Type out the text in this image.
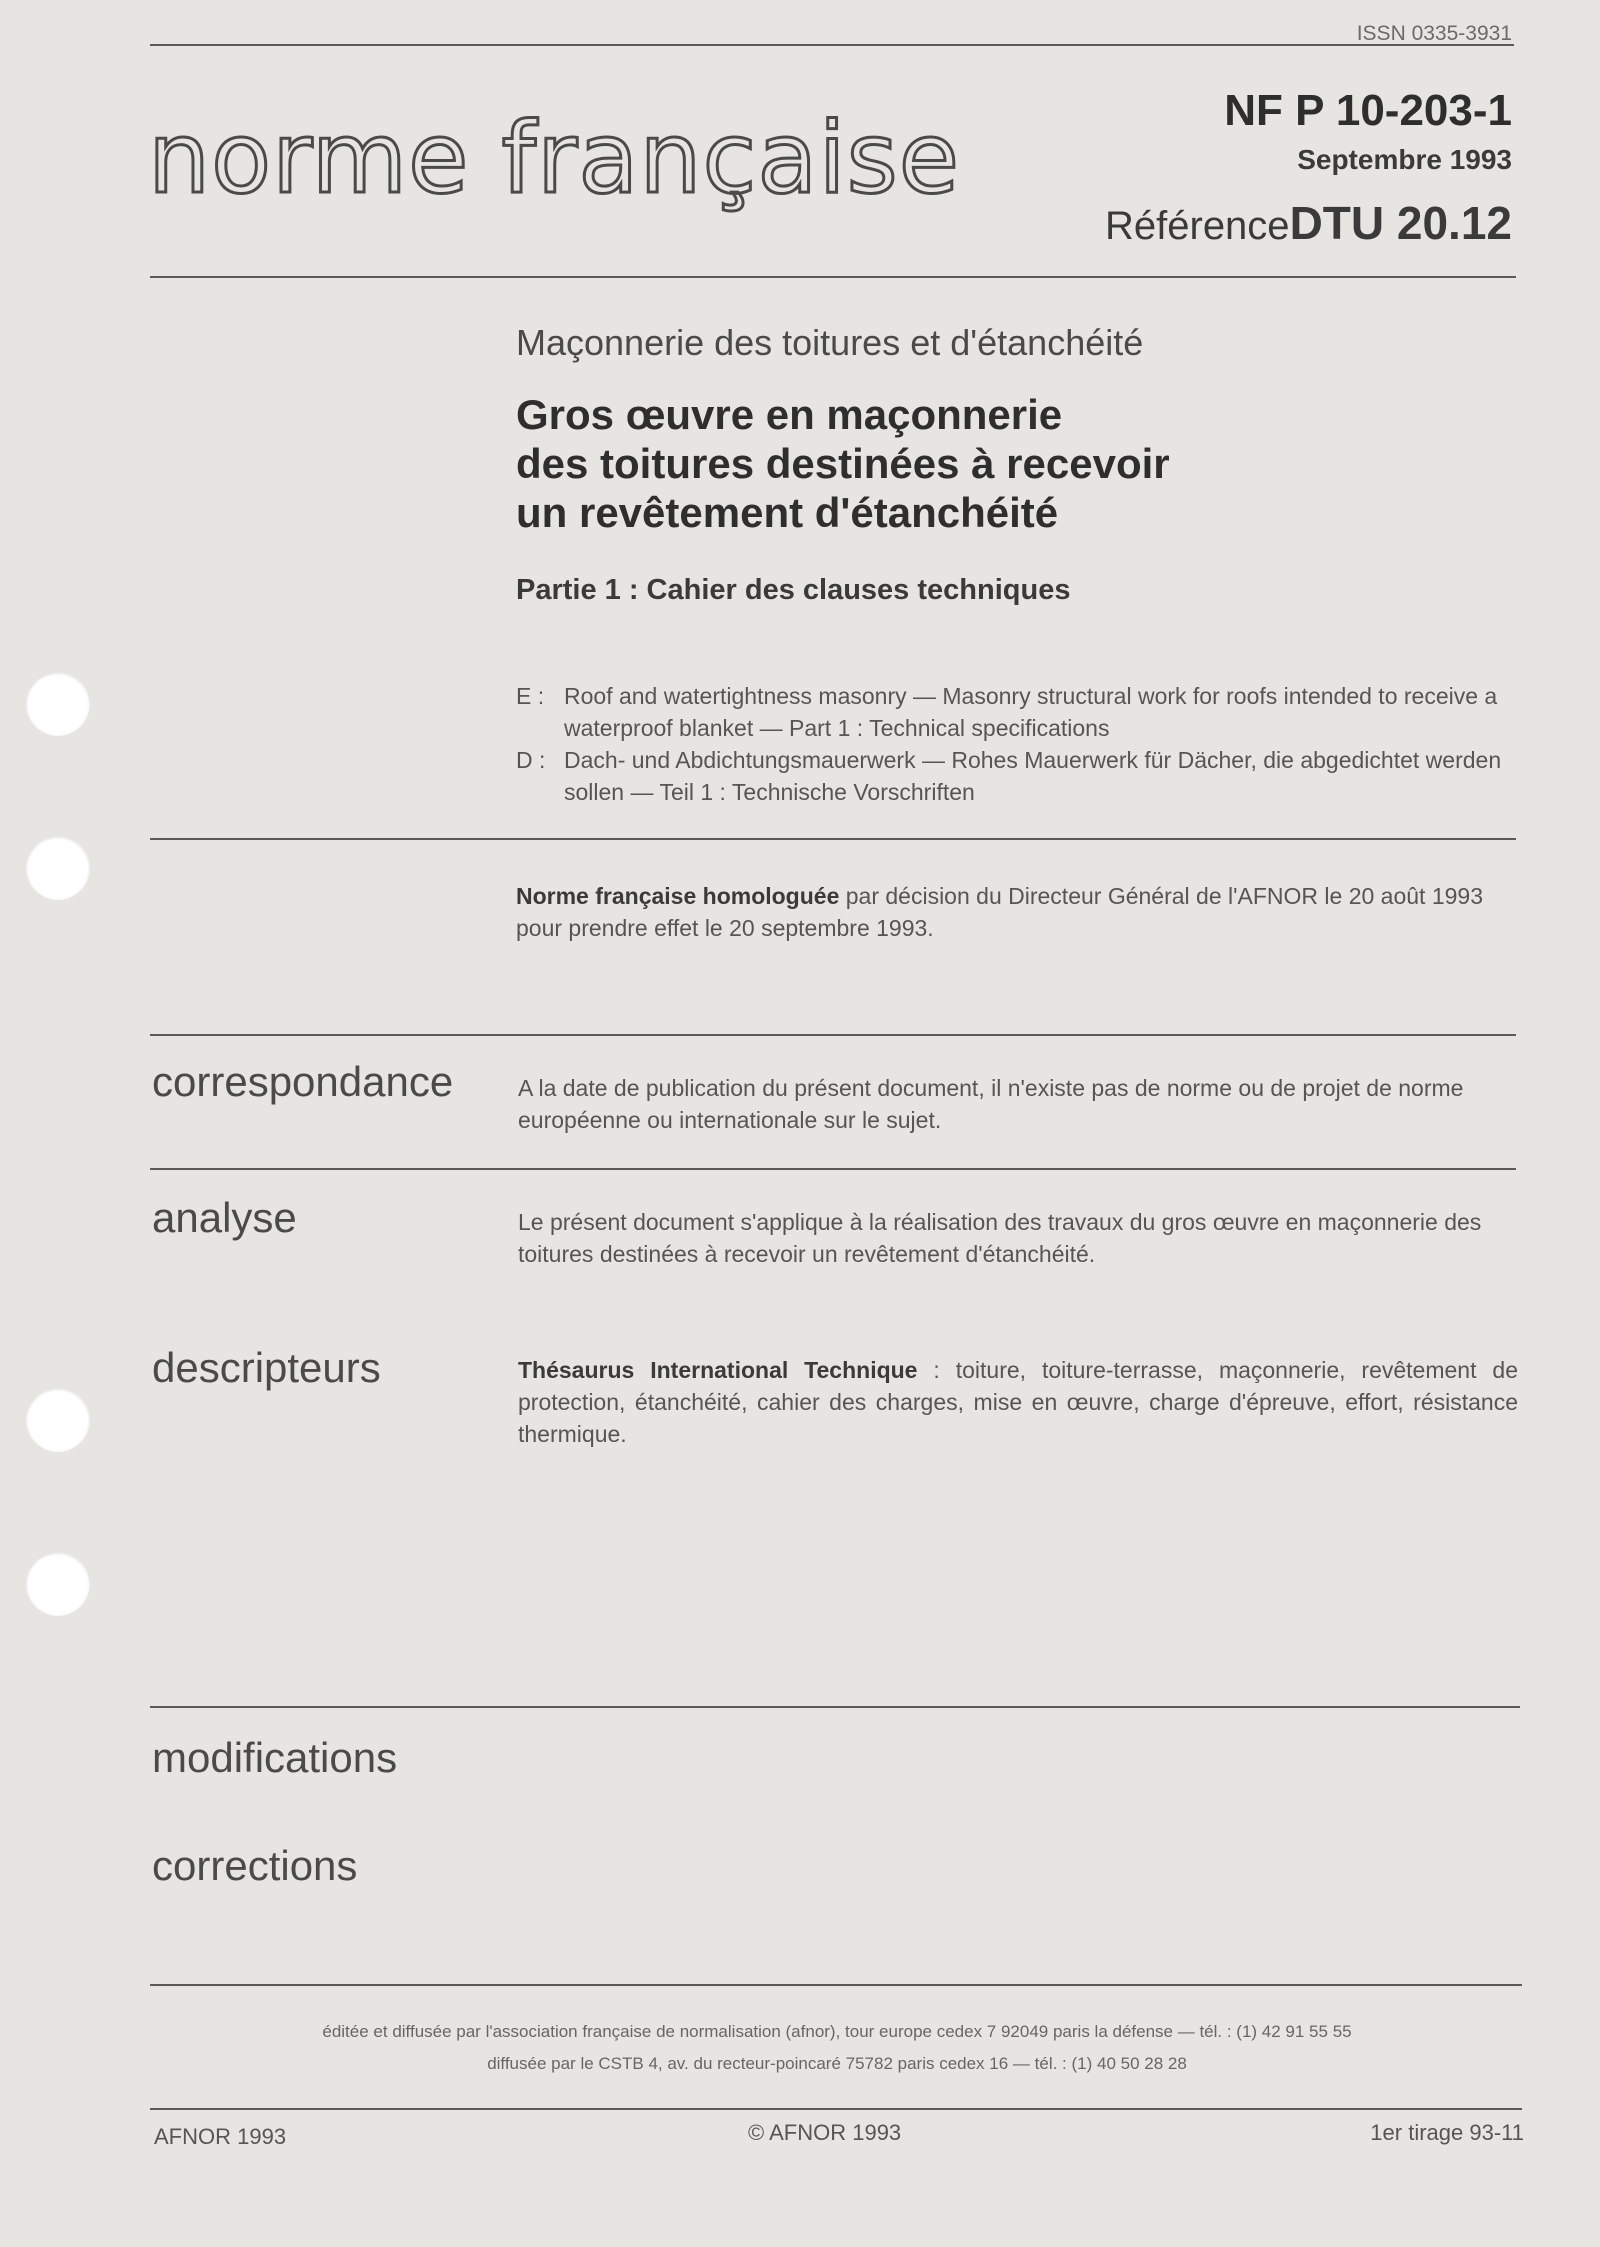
ISSN 0335-3931
norme française	NF P 10-203-1
Septembre 1993
RéférenceDTU 20.12
Maçonnerie des toitures et d'étanchéité
Gros œuvre en maçonnerie
des toitures destinées à recevoir
un revêtement d'étanchéité
Partie 1 : Cahier des clauses techniques
E : Roof and watertightness masonry — Masonry structural work for roofs intended to receive a waterproof blanket — Part 1 : Technical specifications
D : Dach- und Abdichtungsmauerwerk — Rohes Mauerwerk für Dächer, die abgedichtet werden sollen — Teil 1 : Technische Vorschriften
Norme française homologuée par décision du Directeur Général de l'AFNOR le 20 août 1993 pour prendre effet le 20 septembre 1993.
correspondance	A la date de publication du présent document, il n'existe pas de norme ou de projet de norme européenne ou internationale sur le sujet.
analyse	Le présent document s'applique à la réalisation des travaux du gros œuvre en maçonnerie des toitures destinées à recevoir un revêtement d'étanchéité.
descripteurs	Thésaurus International Technique : toiture, toiture-terrasse, maçonnerie, revêtement de protection, étanchéité, cahier des charges, mise en œuvre, charge d'épreuve, effort, résistance thermique.
modifications
corrections
éditée et diffusée par l'association française de normalisation (afnor), tour europe cedex 7 92049 paris la défense — tél. : (1) 42 91 55 55
diffusée par le CSTB 4, av. du recteur-poincaré 75782 paris cedex 16 — tél. : (1) 40 50 28 28
AFNOR 1993	© AFNOR 1993	1er tirage 93-11
